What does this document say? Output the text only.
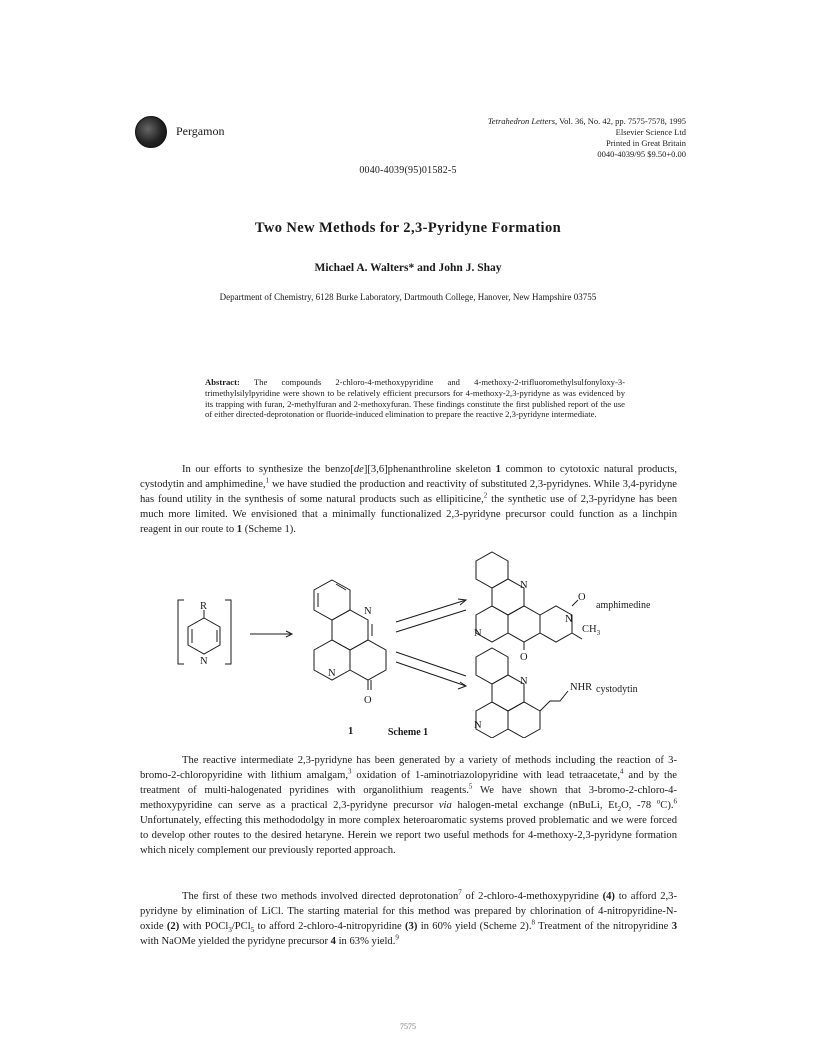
Pergamon
Tetrahedron Letters, Vol. 36, No. 42, pp. 7575-7578, 1995
Elsevier Science Ltd
Printed in Great Britain
0040-4039/95 $9.50+0.00
0040-4039(95)01582-5
Two New Methods for 2,3-Pyridyne Formation
Michael A. Walters* and John J. Shay
Department of Chemistry, 6128 Burke Laboratory, Dartmouth College, Hanover, New Hampshire 03755
Abstract: The compounds 2-chloro-4-methoxypyridine and 4-methoxy-2-trifluoromethylsulfonyloxy-3-trimethylsilylpyridine were shown to be relatively efficient precursors for 4-methoxy-2,3-pyridyne as was evidenced by its trapping with furan, 2-methylfuran and 2-methoxyfuran. These findings constitute the first published report of the use of either directed-deprotonation or fluoride-induced elimination to prepare the reactive 2,3-pyridyne intermediate.
In our efforts to synthesize the benzo[de][3,6]phenanthroline skeleton 1 common to cytotoxic natural products, cystodytin and amphimedine,$^1$ we have studied the production and reactivity of substituted 2,3-pyridynes. While 3,4-pyridyne has found utility in the synthesis of some natural products such as ellipiticine,$^2$ the synthetic use of 2,3-pyridyne has been much more limited. We envisioned that a minimally functionalized 2,3-pyridyne precursor could function as a linchpin reagent in our route to 1 (Scheme 1).
R
N
N
N
O
1
N
O
N
$CH_3$
N
O
N
NHR
N
amphimedine
cystodytin
Scheme 1
The reactive intermediate 2,3-pyridyne has been generated by a variety of methods including the reaction of 3-bromo-2-chloropyridine with lithium amalgam,$^3$ oxidation of 1-aminotriazolopyridine with lead tetraacetate,$^4$ and by the treatment of multi-halogenated pyridines with organolithium reagents.$^5$ We have shown that 3-bromo-2-chloro-4-methoxypyridine can serve as a practical 2,3-pyridyne precursor via halogen-metal exchange (nBuLi, $Et_2O$, -78 $^o$C).$^6$ Unfortunately, effecting this methododolgy in more complex heteroaromatic systems proved problematic and we were forced to develop other routes to the desired hetaryne. Herein we report two useful methods for 4-methoxy-2,3-pyridyne formation which nicely complement our previously reported approach.
The first of these two methods involved directed deprotonation$^7$ of 2-chloro-4-methoxypyridine (4) to afford 2,3-pyridyne by elimination of LiCl. The starting material for this method was prepared by chlorination of 4-nitropyridine-N-oxide (2) with POCl$_3$/PCl$_5$ to afford 2-chloro-4-nitropyridine (3) in 60% yield (Scheme 2).$^8$ Treatment of the nitropyridine 3 with NaOMe yielded the pyridyne precursor 4 in 63% yield.$^9$
7575
